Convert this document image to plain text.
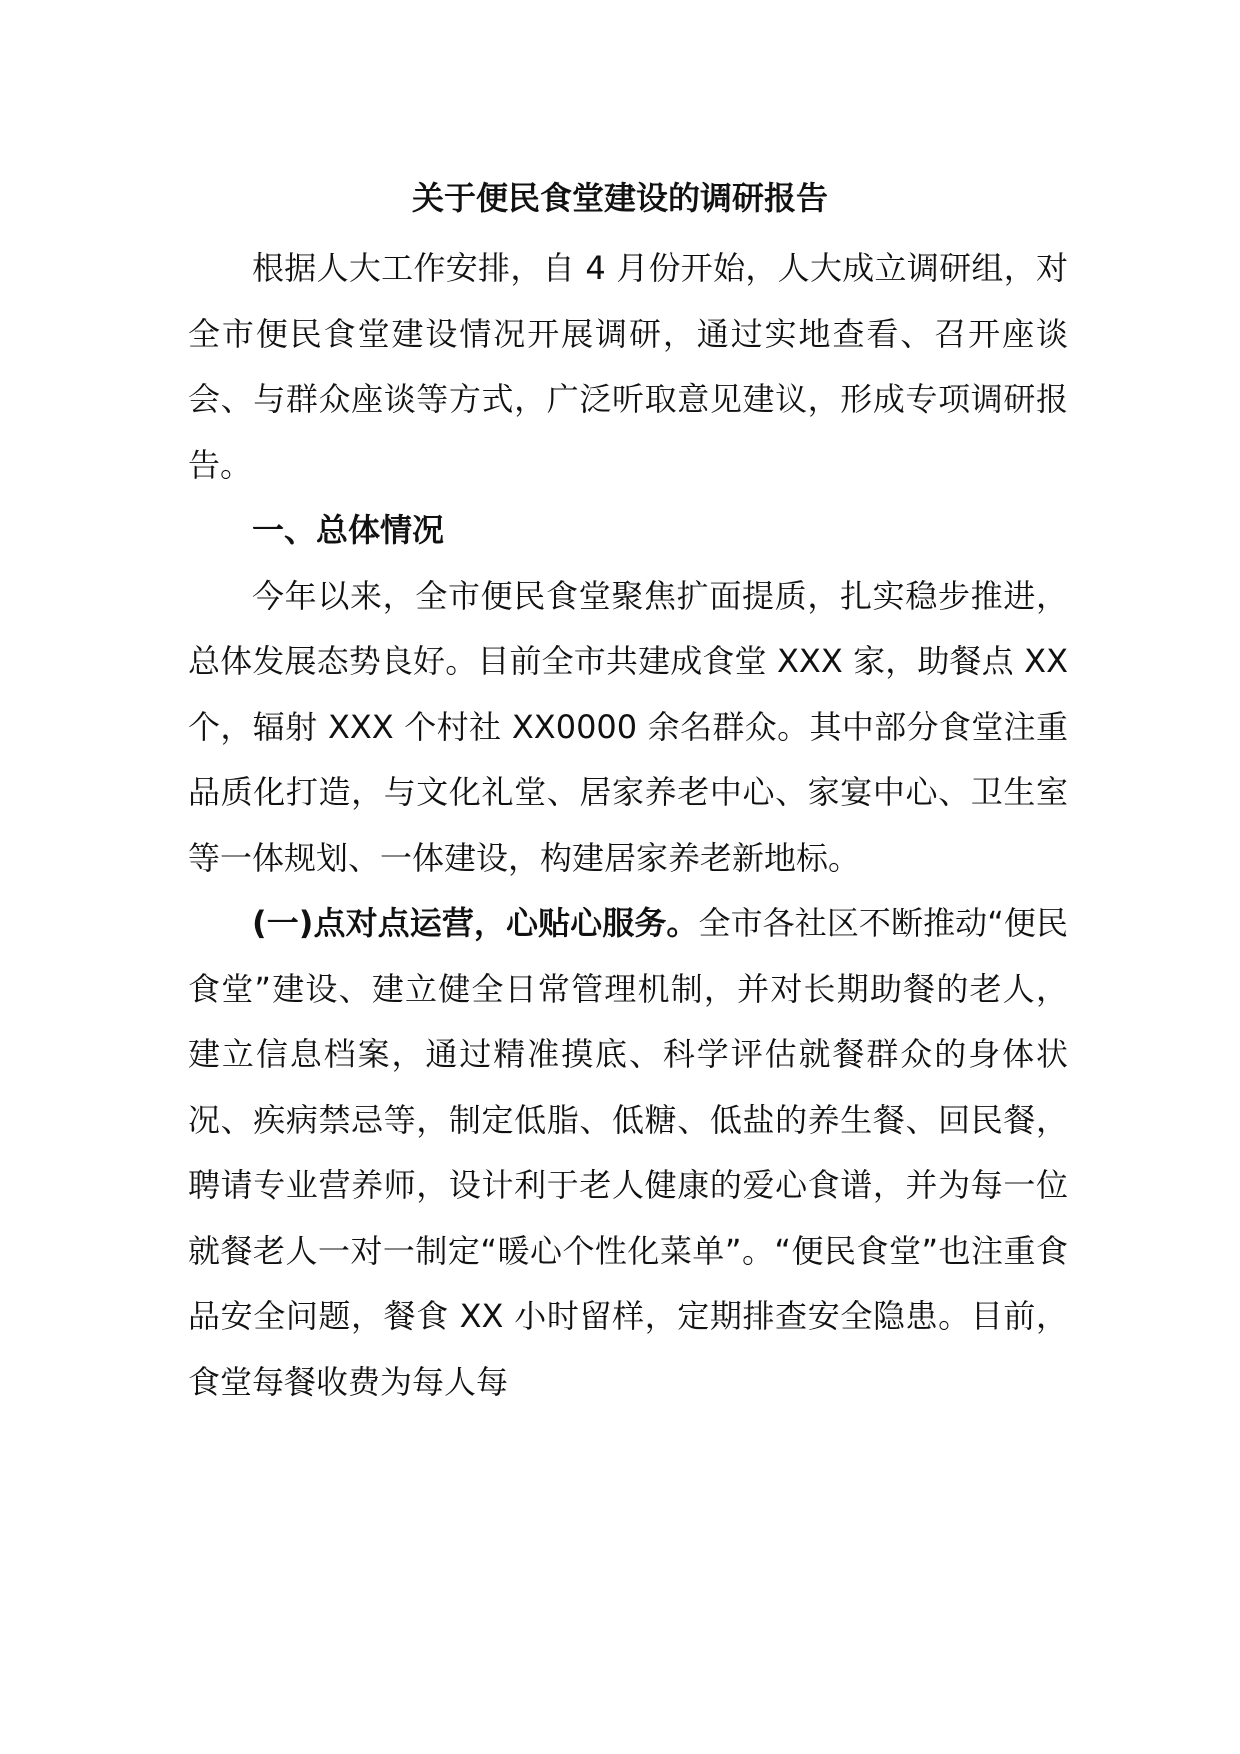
关于便民食堂建设的调研报告

根据人大工作安排，自 4 月份开始，人大成立调研组，对全市便民食堂建设情况开展调研，通过实地查看、召开座谈会、与群众座谈等方式，广泛听取意见建议，形成专项调研报告。

一、总体情况

今年以来，全市便民食堂聚焦扩面提质，扎实稳步推进，总体发展态势良好。目前全市共建成食堂 XXX 家，助餐点 XX 个，辐射 XXX 个村社 XX0000 余名群众。其中部分食堂注重品质化打造，与文化礼堂、居家养老中心、家宴中心、卫生室等一体规划、一体建设，构建居家养老新地标。

(一)点对点运营，心贴心服务。全市各社区不断推动“便民食堂”建设、建立健全日常管理机制，并对长期助餐的老人，建立信息档案，通过精准摸底、科学评估就餐群众的身体状况、疾病禁忌等，制定低脂、低糖、低盐的养生餐、回民餐，聘请专业营养师，设计利于老人健康的爱心食谱，并为每一位就餐老人一对一制定“暖心个性化菜单”。“便民食堂”也注重食品安全问题，餐食 XX 小时留样，定期排查安全隐患。目前，食堂每餐收费为每人每
